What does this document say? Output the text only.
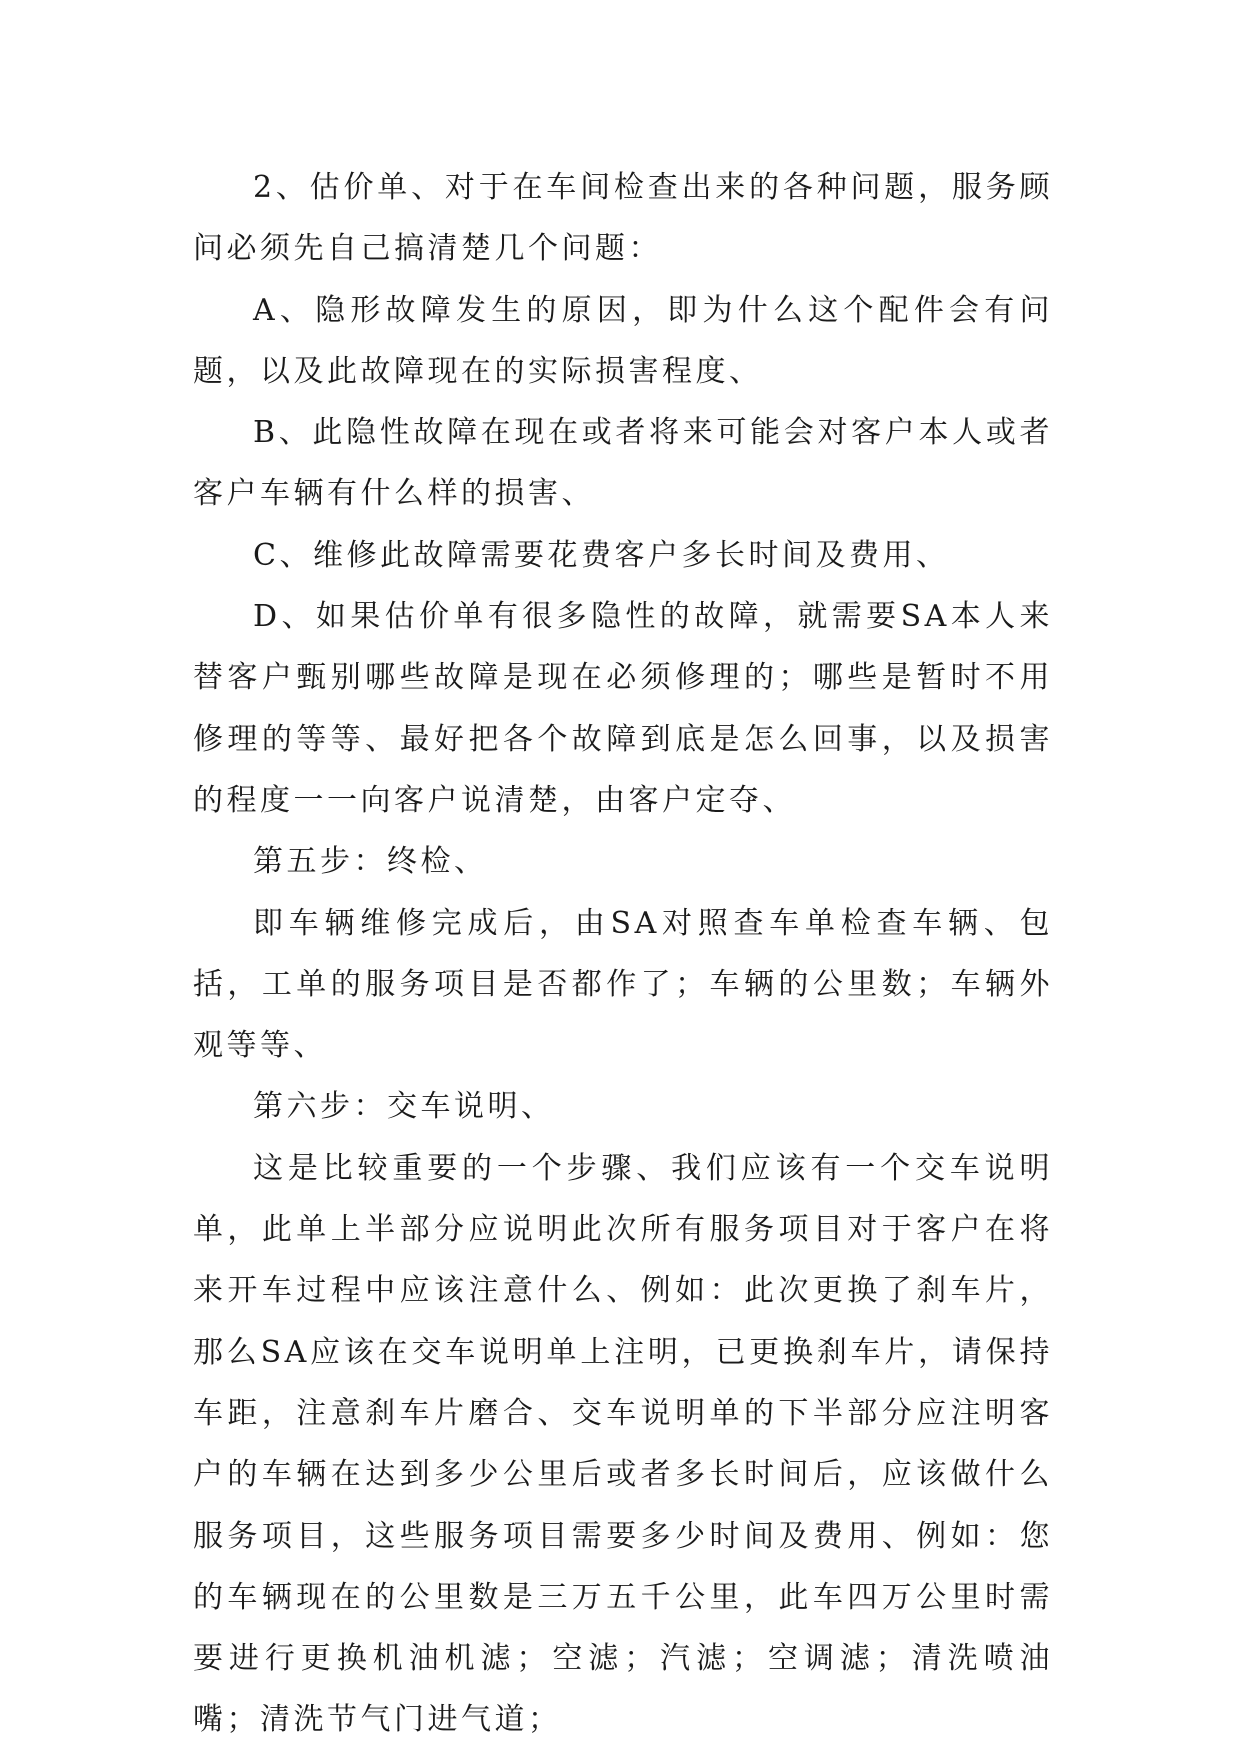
2、估价单、对于在车间检查出来的各种问题，服务顾问必须先自己搞清楚几个问题：

A、隐形故障发生的原因，即为什么这个配件会有问题，以及此故障现在的实际损害程度、

B、此隐性故障在现在或者将来可能会对客户本人或者客户车辆有什么样的损害、

C、维修此故障需要花费客户多长时间及费用、

D、如果估价单有很多隐性的故障，就需要SA本人来替客户甄别哪些故障是现在必须修理的；哪些是暂时不用修理的等等、最好把各个故障到底是怎么回事，以及损害的程度一一向客户说清楚，由客户定夺、

第五步：终检、

即车辆维修完成后，由SA对照查车单检查车辆、包括，工单的服务项目是否都作了；车辆的公里数；车辆外观等等、

第六步：交车说明、

这是比较重要的一个步骤、我们应该有一个交车说明单，此单上半部分应说明此次所有服务项目对于客户在将来开车过程中应该注意什么、例如：此次更换了刹车片，那么SA应该在交车说明单上注明，已更换刹车片，请保持车距，注意刹车片磨合、交车说明单的下半部分应注明客户的车辆在达到多少公里后或者多长时间后，应该做什么服务项目，这些服务项目需要多少时间及费用、例如：您的车辆现在的公里数是三万五千公里，此车四万公里时需要进行更换机油机滤；空滤；汽滤；空调滤；清洗喷油嘴；清洗节气门进气道；
